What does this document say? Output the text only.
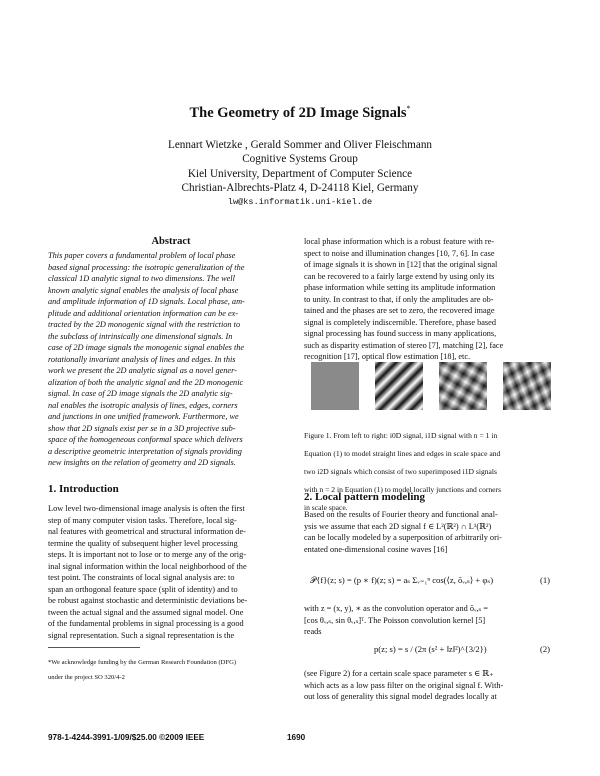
The Geometry of 2D Image Signals*
Lennart Wietzke , Gerald Sommer and Oliver Fleischmann
Cognitive Systems Group
Kiel University, Department of Computer Science
Christian-Albrechts-Platz 4, D-24118 Kiel, Germany
lw@ks.informatik.uni-kiel.de
Abstract

This paper covers a fundamental problem of local phase

based signal processing: the isotropic generalization of the

classical 1D analytic signal to two dimensions. The well

known analytic signal enables the analysis of local phase

and amplitude information of 1D signals. Local phase, am-

plitude and additional orientation information can be ex-

tracted by the 2D monogenic signal with the restriction to

the subclass of intrinsically one dimensional signals. In

case of 2D image signals the monogenic signal enables the

rotationally invariant analysis of lines and edges. In this

work we present the 2D analytic signal as a novel gener-

alization of both the analytic signal and the 2D monogenic

signal. In case of 2D image signals the 2D analytic sig-

nal enables the isotropic analysis of lines, edges, corners

and junctions in one unified framework. Furthermore, we

show that 2D signals exist per se in a 3D projective sub-

space of the homogeneous conformal space which delivers

a descriptive geometric interpretation of signals providing

new insights on the relation of geometry and 2D signals.

1. Introduction

Low level two-dimensional image analysis is often the first

step of many computer vision tasks. Therefore, local sig-

nal features with geometrical and structural information de-

termine the quality of subsequent higher level processing

steps. It is important not to lose or to merge any of the orig-

inal signal information within the local neighborhood of the

test point. The constraints of local signal analysis are: to

span an orthogonal feature space (split of identity) and to

be robust against stochastic and deterministic deviations be-

tween the actual signal and the assumed signal model. One

of the fundamental problems in signal processing is a good

signal representation. Such a signal representation is the

*We acknowledge funding by the German Research Foundation (DFG)

under the project SO 320/4-2

local phase information which is a robust feature with re-

spect to noise and illumination changes [10, 7, 6]. In case

of image signals it is shown in [12] that the original signal

can be recovered to a fairly large extend by using only its

phase information while setting its amplitude information

to unity. In contrast to that, if only the amplitudes are ob-

tained and the phases are set to zero, the recovered image

signal is completely indiscernible. Therefore, phase based

signal processing has found success in many applications,

such as disparity estimation of stereo [7], matching [2], face

recognition [17], optical flow estimation [18], etc.

Figure 1. From left to right: i0D signal, i1D signal with n = 1 in

Equation (1) to model straight lines and edges in scale space and

two i2D signals which consist of two superimposed i1D signals

with n = 2 in Equation (1) to model locally junctions and corners

in scale space.

2. Local pattern modeling

Based on the results of Fourier theory and functional anal-

ysis we assume that each 2D signal f ∈ L²(ℝ²) ∩ L¹(ℝ²)

can be locally modeled by a superposition of arbitrarily ori-

entated one-dimensional cosine waves [16]

𝒫{f}(z; s) = (p ∗ f)(z; s) = aₛ Σᵥ₌₁ⁿ cos(⟨z, ōᵥ,ₛ⟩ + φₛ)	(1)

with z = (x, y), ∗ as the convolution operator and ōᵥ,ₛ =

[cos θᵥ,ₛ, sin θᵥ,ₛ]ᵀ. The Poisson convolution kernel [5]

reads

p(z; s) = s / (2π (s² + ‖z‖²)^{3/2})	(2)

(see Figure 2) for a certain scale space parameter s ∈ ℝ₊

which acts as a low pass filter on the original signal f. With-

out loss of generality this signal model degrades locally at

978-1-4244-3991-1/09/$25.00 ©2009 IEEE	1690
